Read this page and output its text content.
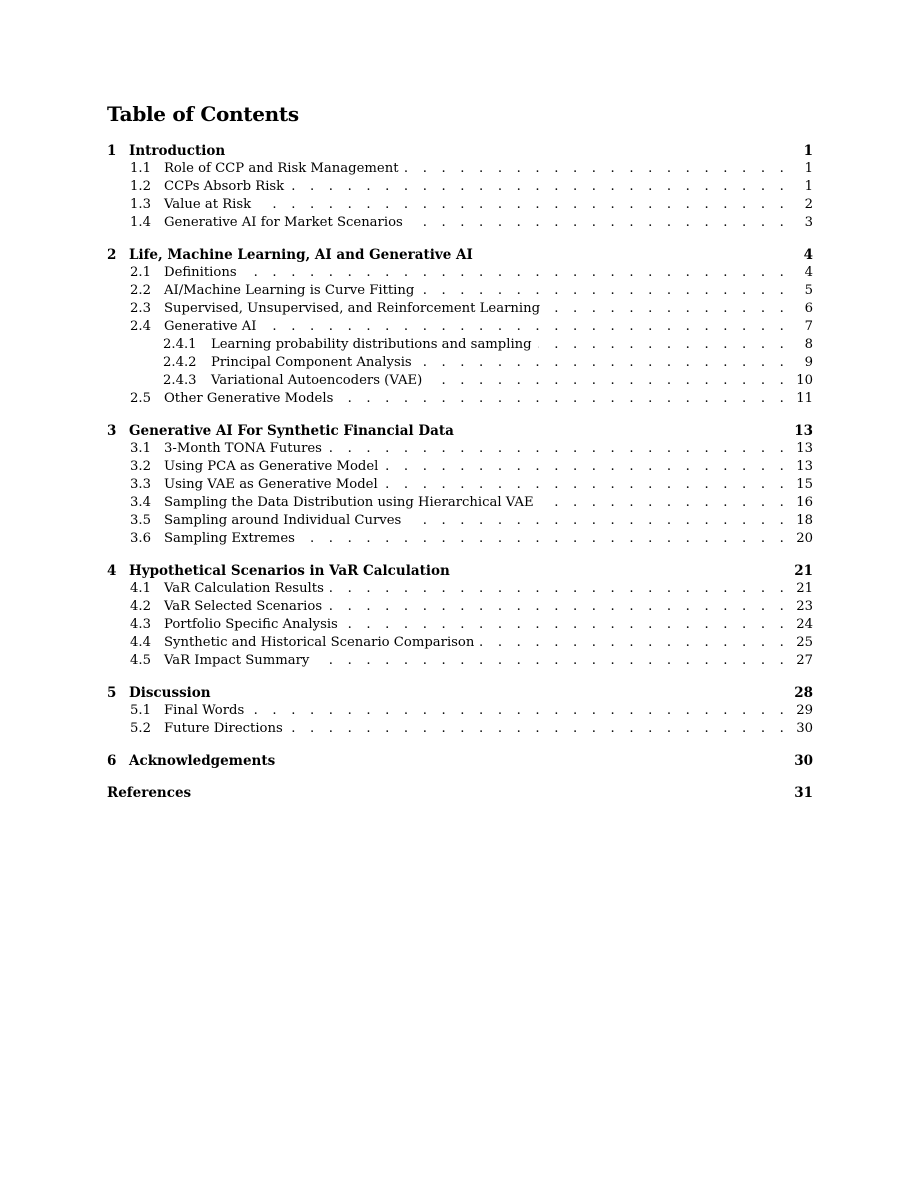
Table of Contents
1 Introduction	1
1.1 Role of CCP and Risk Management . . .	1
1.2 CCPs Absorb Risk . . .	1
1.3 Value at Risk . . .	2
1.4 Generative AI for Market Scenarios . . .	3
2 Life, Machine Learning, AI and Generative AI	4
2.1 Definitions . . .	4
2.2 AI/Machine Learning is Curve Fitting . . .	5
2.3 Supervised, Unsupervised, and Reinforcement Learning . . .	6
2.4 Generative AI . . .	7
2.4.1	Learning probability distributions and sampling . . .	8
2.4.2	Principal Component Analysis . . .	9
2.4.3	Variational Autoencoders (VAE) . . .	10
2.5 Other Generative Models . . .	11
3 Generative AI For Synthetic Financial Data	13
3.1 3-Month TONA Futures . . .	13
3.2 Using PCA as Generative Model . . .	13
3.3 Using VAE as Generative Model . . .	15
3.4 Sampling the Data Distribution using Hierarchical VAE . . .	16
3.5 Sampling around Individual Curves . . .	18
3.6 Sampling Extremes . . .	20
4 Hypothetical Scenarios in VaR Calculation	21
4.1 VaR Calculation Results . . .	21
4.2 VaR Selected Scenarios . . .	23
4.3 Portfolio Specific Analysis . . .	24
4.4 Synthetic and Historical Scenario Comparison . . .	25
4.5 VaR Impact Summary . . .	27
5 Discussion	28
5.1 Final Words . . .	29
5.2 Future Directions . . .	30
6 Acknowledgements	30
References	31
